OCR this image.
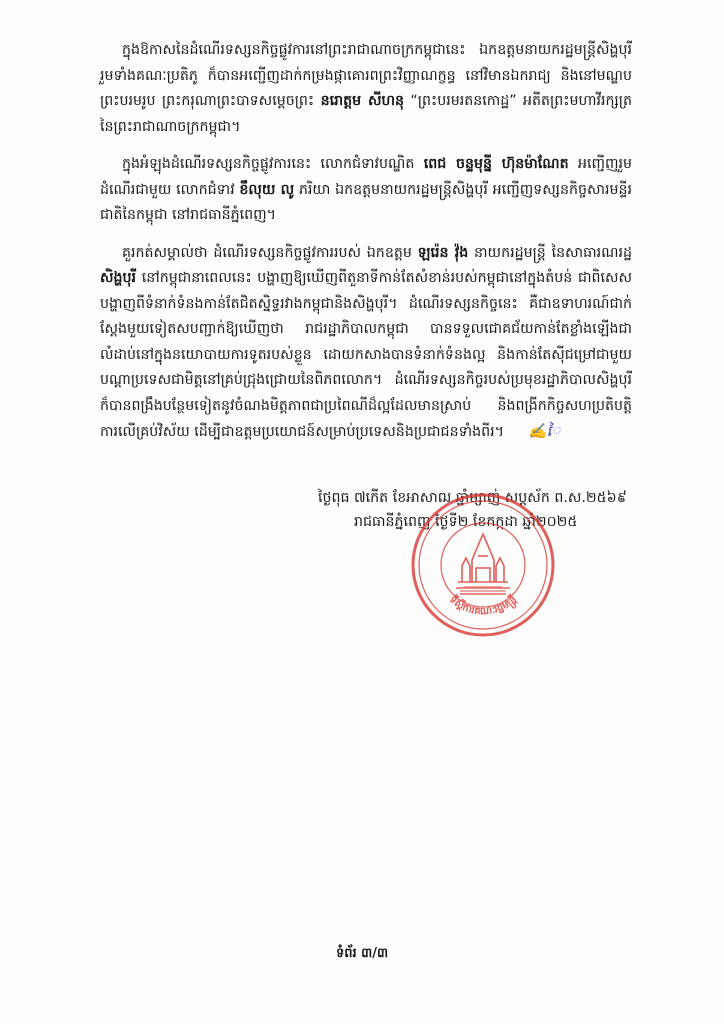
ក្នុងឱកាសនៃដំណើរទស្សនកិច្ចផ្លូវការនៅព្រះរាជាណាចក្រកម្ពុជានេះ ឯកឧត្តមនាយករដ្ឋមន្ត្រីសិង្ហបុរី រួមទាំងគណៈប្រតិភូ ក៏បានអញ្ជើញដាក់កម្រងផ្កាគោរពព្រះវិញ្ញាណក្ខន្ធ នៅវិមានឯករាជ្យ និងនៅមណ្ឌបព្រះបរមរូប ព្រះករុណាព្រះបាទសម្តេចព្រះ នរោត្តម សីហនុ “ព្រះបរមរតនកោដ្ឋ” អតីតព្រះមហាវីរក្សត្រនៃព្រះរាជាណាចក្រកម្ពុជា។

ក្នុងអំឡុងដំណើរទស្សនកិច្ចផ្លូវការនេះ លោកជំទាវបណ្ឌិត ពេជ ចន្ទមុន្នី ហ៊ុនម៉ាណែត អញ្ជើញរួមដំណើរជាមួយ លោកជំទាវ ខឹលុយ លូ ភរិយា ឯកឧត្តមនាយករដ្ឋមន្ត្រីសិង្ហបុរី អញ្ជើញទស្សនកិច្ចសារមន្ទីរជាតិនៃកម្ពុជា នៅរាជធានីភ្នំពេញ។

គួរកត់សម្គាល់ថា ដំណើរទស្សនកិច្ចផ្លូវការរបស់ ឯកឧត្តម ឡរ៉េន វ៉ុង នាយករដ្ឋមន្ត្រី នៃសាធារណរដ្ឋសិង្ហបុរី នៅកម្ពុជានាពេលនេះ បង្ហាញឱ្យឃើញពីតួនាទីកាន់តែសំខាន់របស់កម្ពុជានៅក្នុងតំបន់ ជាពិសេសបង្ហាញពីទំនាក់ទំនងកាន់តែជិតស្និទ្ធរវាងកម្ពុជានិងសិង្ហបុរី។ ដំណើរទស្សនកិច្ចនេះ គឺជាឧទាហរណ៍ជាក់ស្តែងមួយទៀតសបញ្ជាក់ឱ្យឃើញថា រាជរដ្ឋាភិបាលកម្ពុជា បានទទួលជោគជ័យកាន់តែខ្លាំងឡើងជាលំដាប់នៅក្នុងនយោបាយការទូតរបស់ខ្លួន ដោយកសាងបានទំនាក់ទំនងល្អ និងកាន់តែស៊ីជម្រៅជាមួយបណ្តាប្រទេសជាមិត្តនៅគ្រប់ជ្រុងជ្រោយនៃពិភពលោក។ ដំណើរទស្សនកិច្ចរបស់ប្រមុខរដ្ឋាភិបាលសិង្ហបុរី ក៏បានពង្រឹងបន្ថែមទៀតនូវចំណងមិត្តភាពជាប្រពៃណីដ៏ល្អដែលមានស្រាប់ និងពង្រីកកិច្ចសហប្រតិបត្តិការលើគ្រប់វិស័យ ដើម្បីជាឧត្តមប្រយោជន៍សម្រាប់ប្រទេសនិងប្រជាជនទាំងពីរ។ ✍ៃ

ថ្ងៃពុធ ៧កើត ខែអាសាឍ ឆ្នាំម្សាញ់ សប្តស័ក ព.ស.២៥៦៩
រាជធានីភ្នំពេញ ថ្ងៃទី២ ខែកក្កដា ឆ្នាំ២០២៥
ទីស្តីការគណៈរដ្ឋមន្ត្រី
ទំព័រ ៣/៣
